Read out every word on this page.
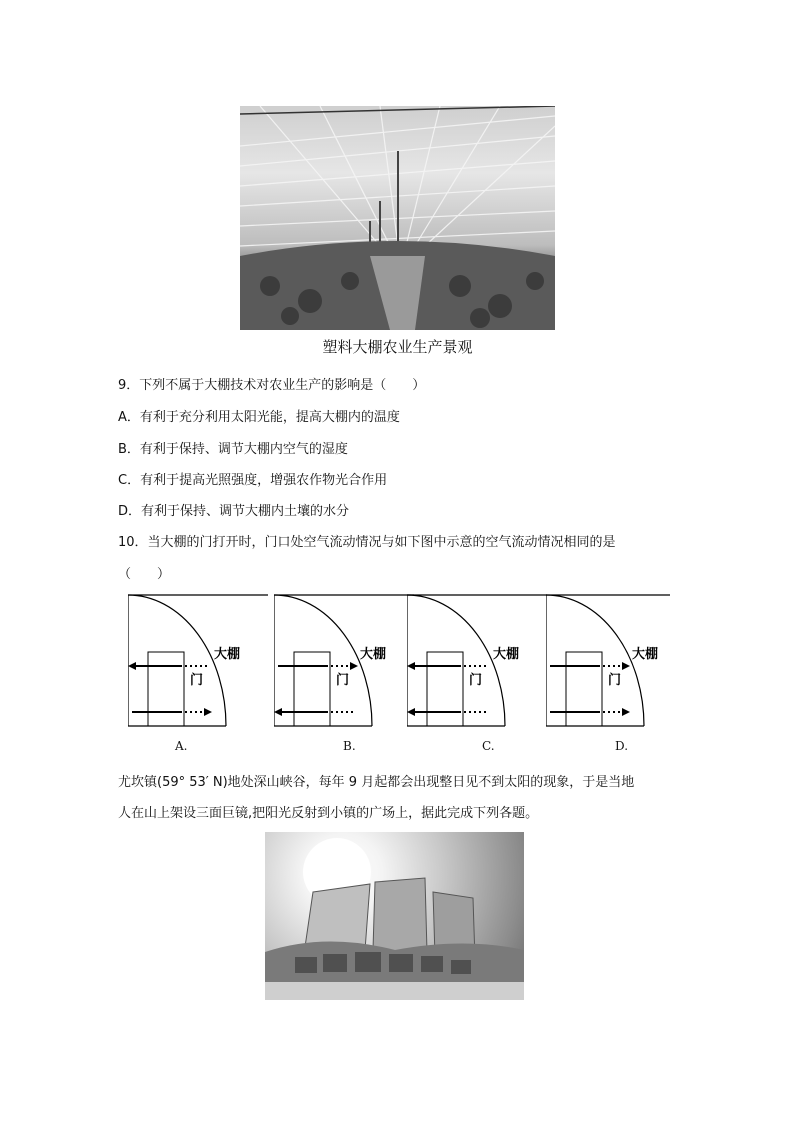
塑料大棚农业生产景观
9．下列不属于大棚技术对农业生产的影响是（　　）
A．有利于充分利用太阳光能，提高大棚内的温度
B．有利于保持、调节大棚内空气的湿度
C．有利于提高光照强度，增强农作物光合作用
D．有利于保持、调节大棚内土壤的水分
10．当大棚的门打开时，门口处空气流动情况与如下图中示意的空气流动情况相同的是
（　　）
大棚
门
大棚
门
大棚
门
大棚
门
A.	B.	C.	D.
尤坎镇(59° 53′ N)地处深山峡谷，每年 9 月起都会出现整日见不到太阳的现象，于是当地
人在山上架设三面巨镜,把阳光反射到小镇的广场上，据此完成下列各题。
